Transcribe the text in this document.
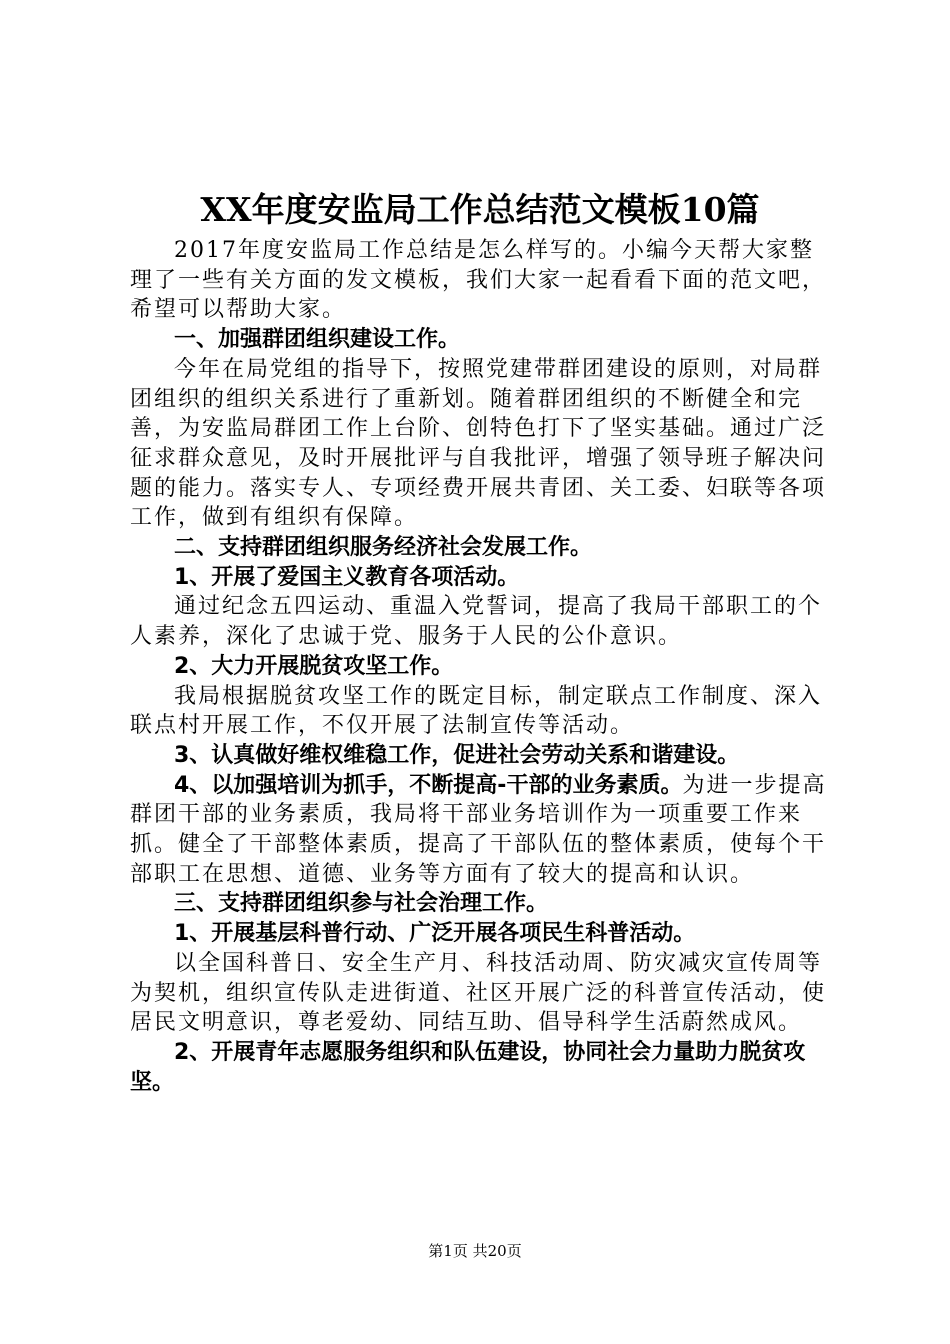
XX年度安监局工作总结范文模板10篇

2017年度安监局工作总结是怎么样写的。小编今天帮大家整理了一些有关方面的发文模板，我们大家一起看看下面的范文吧，希望可以帮助大家。

一、加强群团组织建设工作。

今年在局党组的指导下，按照党建带群团建设的原则，对局群团组织的组织关系进行了重新划。随着群团组织的不断健全和完善，为安监局群团工作上台阶、创特色打下了坚实基础。通过广泛征求群众意见，及时开展批评与自我批评，增强了领导班子解决问题的能力。落实专人、专项经费开展共青团、关工委、妇联等各项工作，做到有组织有保障。

二、支持群团组织服务经济社会发展工作。

1、开展了爱国主义教育各项活动。

通过纪念五四运动、重温入党誓词，提高了我局干部职工的个人素养，深化了忠诚于党、服务于人民的公仆意识。

2、大力开展脱贫攻坚工作。

我局根据脱贫攻坚工作的既定目标，制定联点工作制度、深入联点村开展工作，不仅开展了法制宣传等活动。

3、认真做好维权维稳工作，促进社会劳动关系和谐建设。

4、以加强培训为抓手，不断提高-干部的业务素质。为进一步提高群团干部的业务素质，我局将干部业务培训作为一项重要工作来抓。健全了干部整体素质，提高了干部队伍的整体素质，使每个干部职工在思想、道德、业务等方面有了较大的提高和认识。

三、支持群团组织参与社会治理工作。

1、开展基层科普行动、广泛开展各项民生科普活动。

以全国科普日、安全生产月、科技活动周、防灾减灾宣传周等为契机，组织宣传队走进街道、社区开展广泛的科普宣传活动，使居民文明意识，尊老爱幼、同结互助、倡导科学生活蔚然成风。

2、开展青年志愿服务组织和队伍建设，协同社会力量助力脱贫攻坚。

第1页 共20页
